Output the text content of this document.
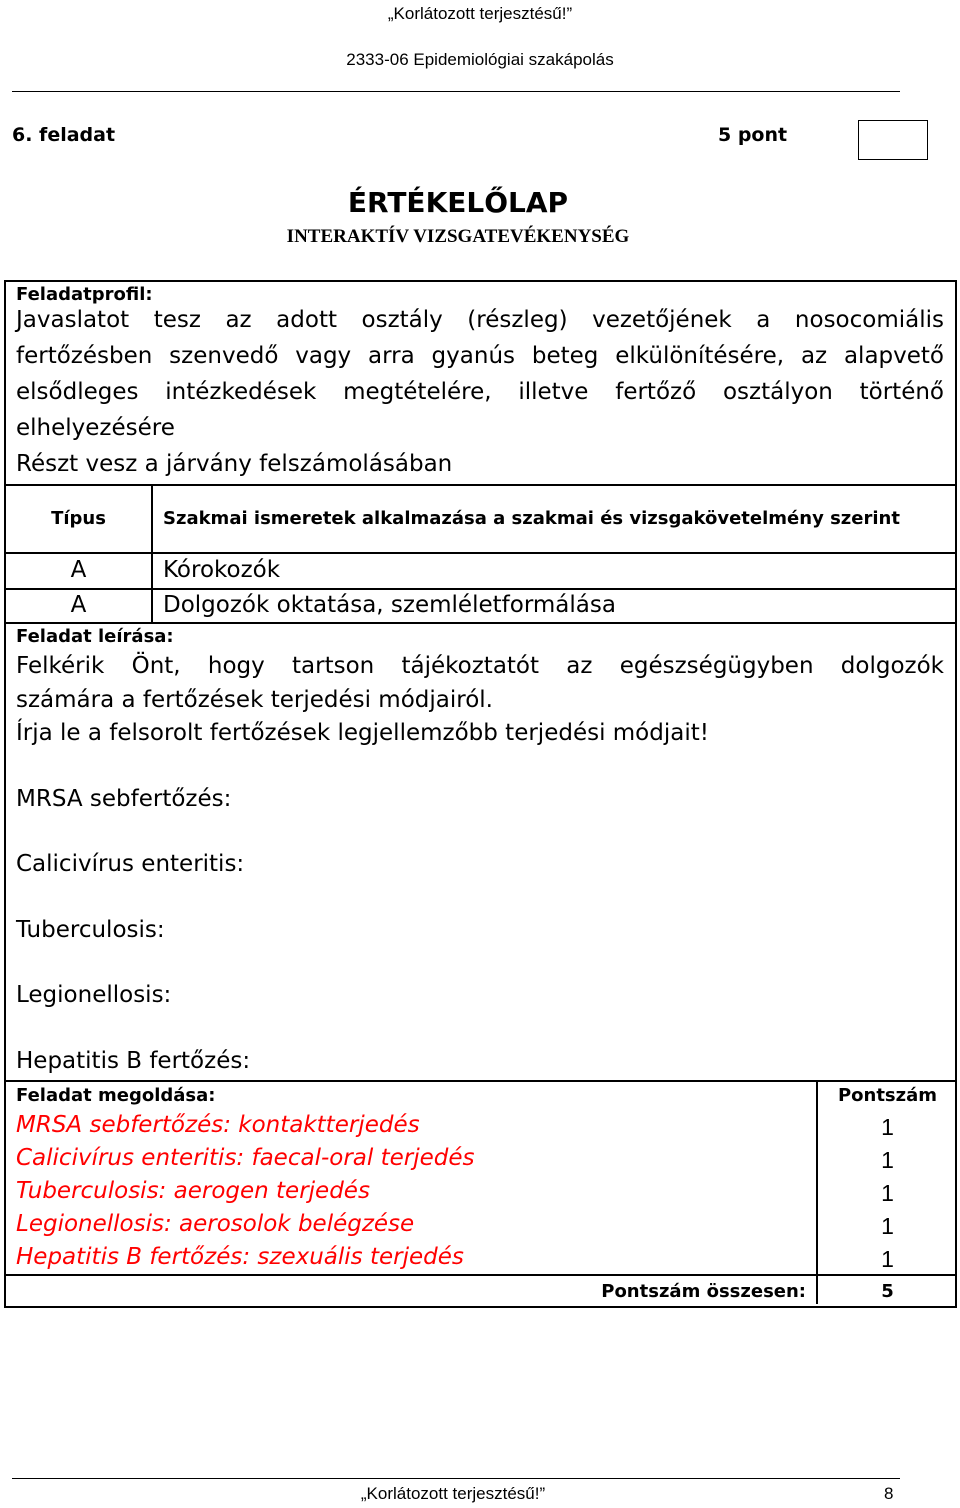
„Korlátozott terjesztésű!”
2333-06 Epidemiológiai szakápolás
6. feladat	5 pont
ÉRTÉKELŐLAP
INTERAKTÍV VIZSGATEVÉKENYSÉG
Feladatprofil:
Javaslatot tesz az adott osztály (részleg) vezetőjének a nosocomiális
fertőzésben szenvedő vagy arra gyanús beteg elkülönítésére, az alapvető
elsődleges intézkedések megtételére, illetve fertőző osztályon történő
elhelyezésére
Részt vesz a járvány felszámolásában
Típus	Szakmai ismeretek alkalmazása a szakmai és vizsgakövetelmény szerint
A	Kórokozók
A	Dolgozók oktatása, szemléletformálása
Feladat leírása:
Felkérik Önt, hogy tartson tájékoztatót az egészségügyben dolgozók
számára a fertőzések terjedési módjairól.
Írja le a felsorolt fertőzések legjellemzőbb terjedési módjait!
MRSA sebfertőzés:
Calicivírus enteritis:
Tuberculosis:
Legionellosis:
Hepatitis B fertőzés:
Feladat megoldása:	Pontszám
MRSA sebfertőzés: kontaktterjedés	1
Calicivírus enteritis: faecal-oral terjedés	1
Tuberculosis: aerogen terjedés	1
Legionellosis: aerosolok belégzése	1
Hepatitis B fertőzés: szexuális terjedés	1
Pontszám összesen:	5
„Korlátozott terjesztésű!”	8
